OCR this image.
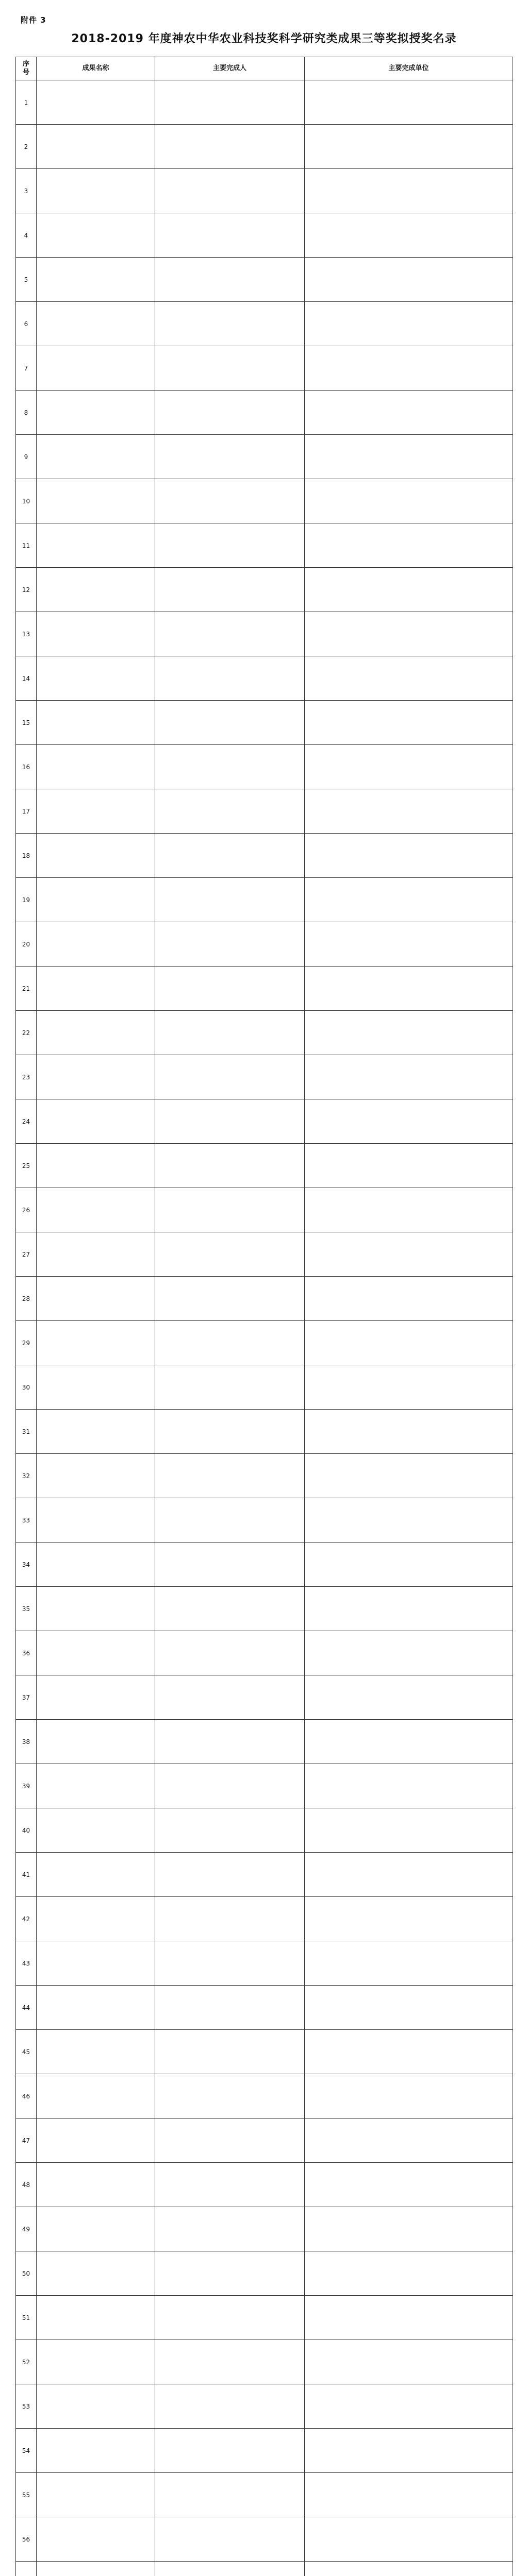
附件 3
2018-2019 年度神农中华农业科技奖科学研究类成果三等奖拟授奖名录
序号	成果名称	主要完成人	主要完成单位
1			
2			
3			
4			
5			
6			
7			
8			
9			
10			
11			
12			
13			
14			
15			
16			
17			
18			
19			
20			
21			
22			
23			
24			
25			
26			
27			
28			
29			
30			
31			
32			
33			
34			
35			
36			
37			
38			
39			
40			
41			
42			
43			
44			
45			
46			
47			
48			
49			
50			
51			
52			
53			
54			
55			
56			
